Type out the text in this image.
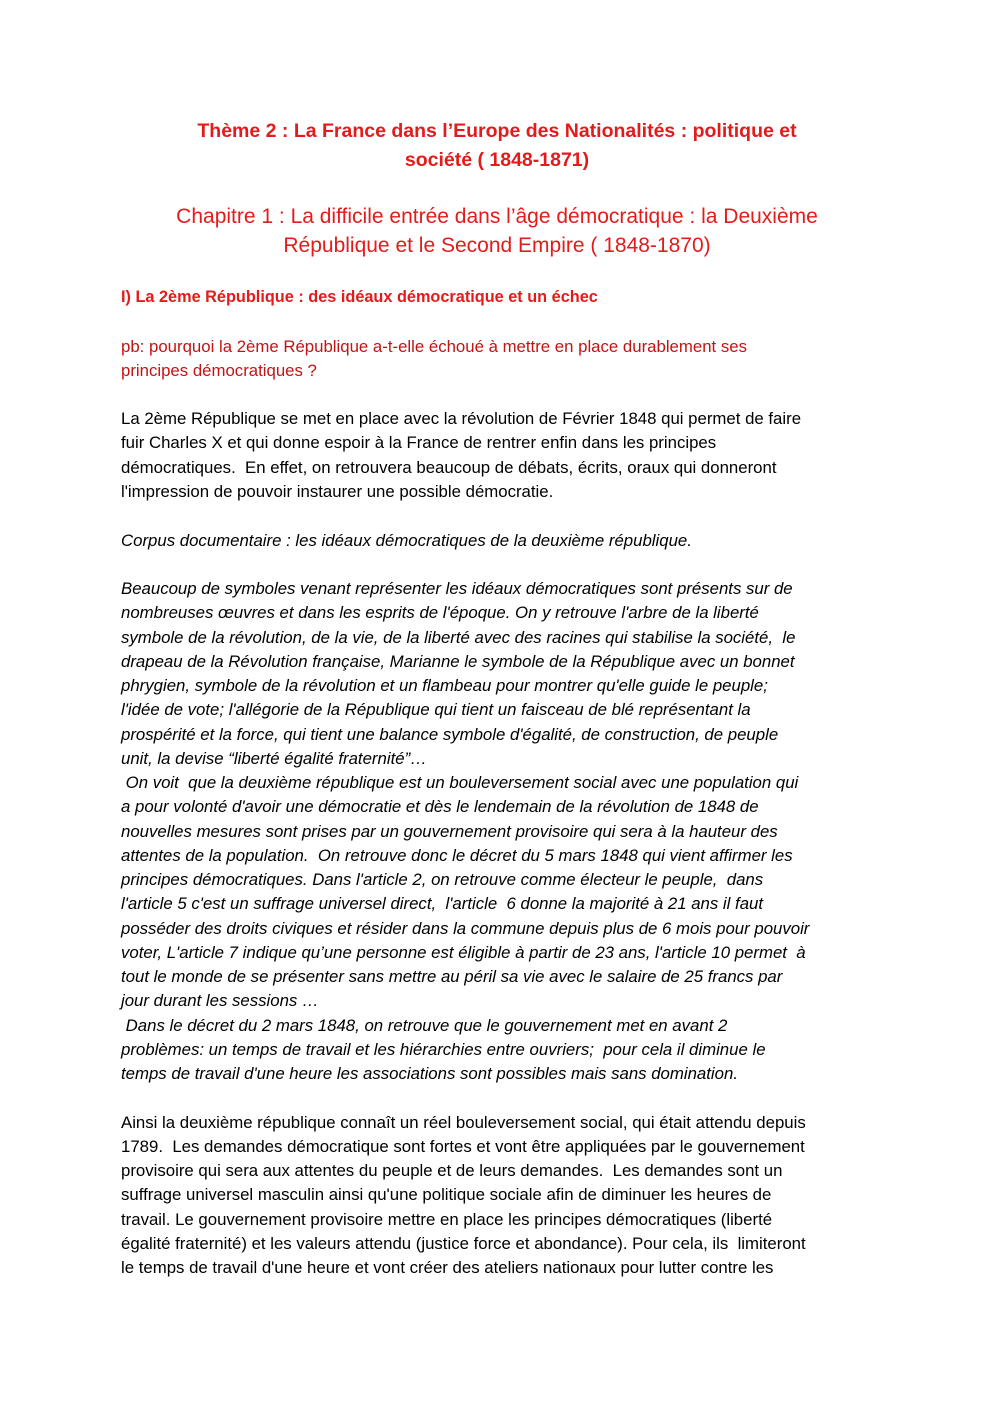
Thème 2 : La France dans l’Europe des Nationalités : politique et
société ( 1848-1871)
Chapitre 1 : La difficile entrée dans l’âge démocratique : la Deuxième
République et le Second Empire ( 1848-1870)
I) La 2ème République : des idéaux démocratique et un échec
pb: pourquoi la 2ème République a-t-elle échoué à mettre en place durablement ses
principes démocratiques ?
La 2ème République se met en place avec la révolution de Février 1848 qui permet de faire
fuir Charles X et qui donne espoir à la France de rentrer enfin dans les principes
démocratiques.  En effet, on retrouvera beaucoup de débats, écrits, oraux qui donneront
l'impression de pouvoir instaurer une possible démocratie.
Corpus documentaire : les idéaux démocratiques de la deuxième république.
Beaucoup de symboles venant représenter les idéaux démocratiques sont présents sur de
nombreuses œuvres et dans les esprits de l'époque. On y retrouve l'arbre de la liberté
symbole de la révolution, de la vie, de la liberté avec des racines qui stabilise la société,  le
drapeau de la Révolution française, Marianne le symbole de la République avec un bonnet
phrygien, symbole de la révolution et un flambeau pour montrer qu'elle guide le peuple;
l'idée de vote; l'allégorie de la République qui tient un faisceau de blé représentant la
prospérité et la force, qui tient une balance symbole d'égalité, de construction, de peuple
unit, la devise “liberté égalité fraternité”…
On voit  que la deuxième république est un bouleversement social avec une population qui
a pour volonté d'avoir une démocratie et dès le lendemain de la révolution de 1848 de
nouvelles mesures sont prises par un gouvernement provisoire qui sera à la hauteur des
attentes de la population.  On retrouve donc le décret du 5 mars 1848 qui vient affirmer les
principes démocratiques. Dans l'article 2, on retrouve comme électeur le peuple,  dans
l'article 5 c'est un suffrage universel direct,  l'article  6 donne la majorité à 21 ans il faut
posséder des droits civiques et résider dans la commune depuis plus de 6 mois pour pouvoir
voter, L'article 7 indique qu’une personne est éligible à partir de 23 ans, l'article 10 permet  à
tout le monde de se présenter sans mettre au péril sa vie avec le salaire de 25 francs par
jour durant les sessions …
Dans le décret du 2 mars 1848, on retrouve que le gouvernement met en avant 2
problèmes: un temps de travail et les hiérarchies entre ouvriers;  pour cela il diminue le
temps de travail d'une heure les associations sont possibles mais sans domination.
Ainsi la deuxième république connaît un réel bouleversement social, qui était attendu depuis
1789.  Les demandes démocratique sont fortes et vont être appliquées par le gouvernement
provisoire qui sera aux attentes du peuple et de leurs demandes.  Les demandes sont un
suffrage universel masculin ainsi qu'une politique sociale afin de diminuer les heures de
travail. Le gouvernement provisoire mettre en place les principes démocratiques (liberté
égalité fraternité) et les valeurs attendu (justice force et abondance). Pour cela, ils  limiteront
le temps de travail d'une heure et vont créer des ateliers nationaux pour lutter contre les
